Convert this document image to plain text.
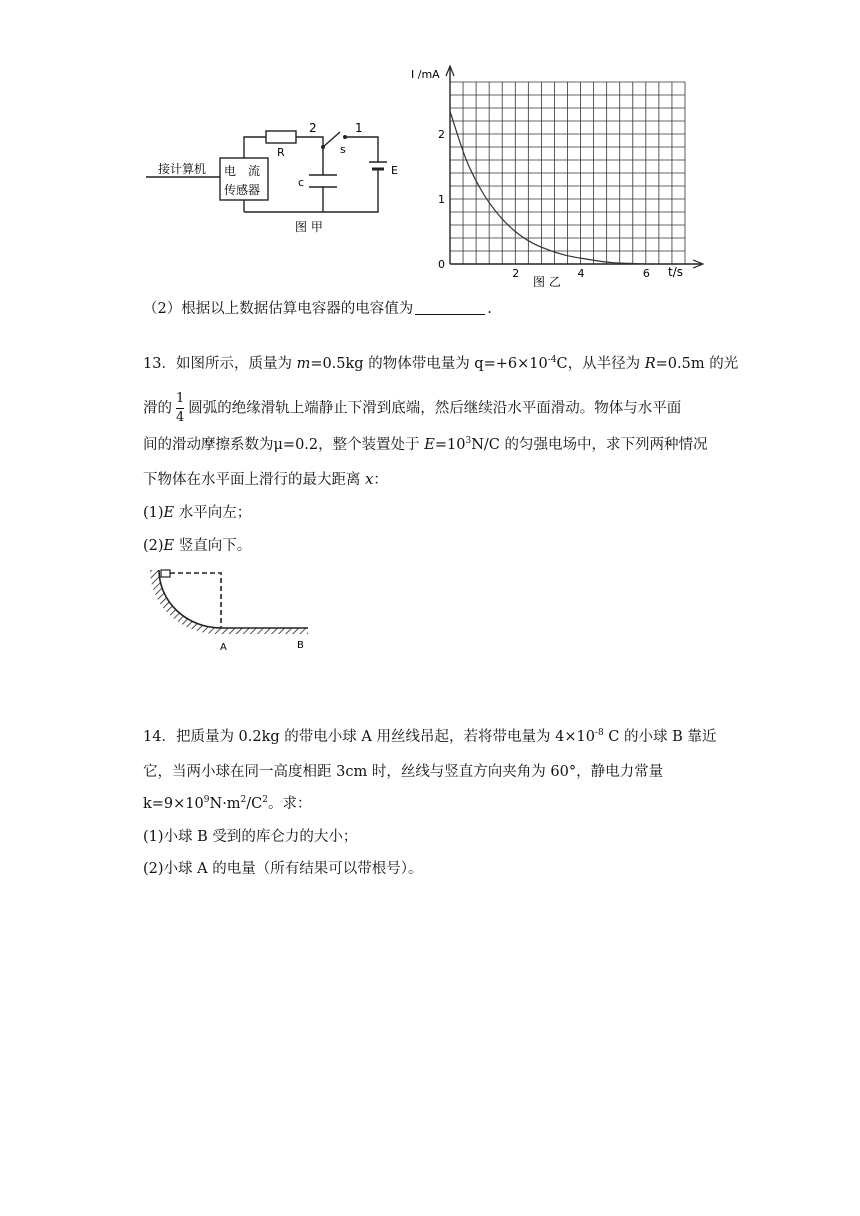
接计算机 电　流
传感器
R
2	1
s
c
E
图 甲
2	4	6
1
2
0
I /mA
t/s
图 乙
（2）根据以上数据估算电容器的电容值为	.
13．如图所示，质量为 m=0.5kg 的物体带电量为 $q=+6\times 10^{-4}C$，从半径为 R=0.5m 的光
滑的 $\frac{1}{4}$ 圆弧的绝缘滑轨上端静止下滑到底端，然后继续沿水平面滑动。物体与水平面
间的滑动摩擦系数为μ=0.2，整个装置处于 $E=10^3N/C$ 的匀强电场中，求下列两种情况
下物体在水平面上滑行的最大距离 x：
(1)E 水平向左；
(2)E 竖直向下。
A	B
14．把质量为 0.2kg 的带电小球 A 用丝线吊起，若将带电量为 $4\times 10^{-8}$ C 的小球 B 靠近
它，当两小球在同一高度相距 3cm 时，丝线与竖直方向夹角为 60°，静电力常量
$k=9\times 10^9N\cdot m^2/C^2$。求：
(1)小球 B 受到的库仑力的大小；
(2)小球 A 的电量（所有结果可以带根号）。
